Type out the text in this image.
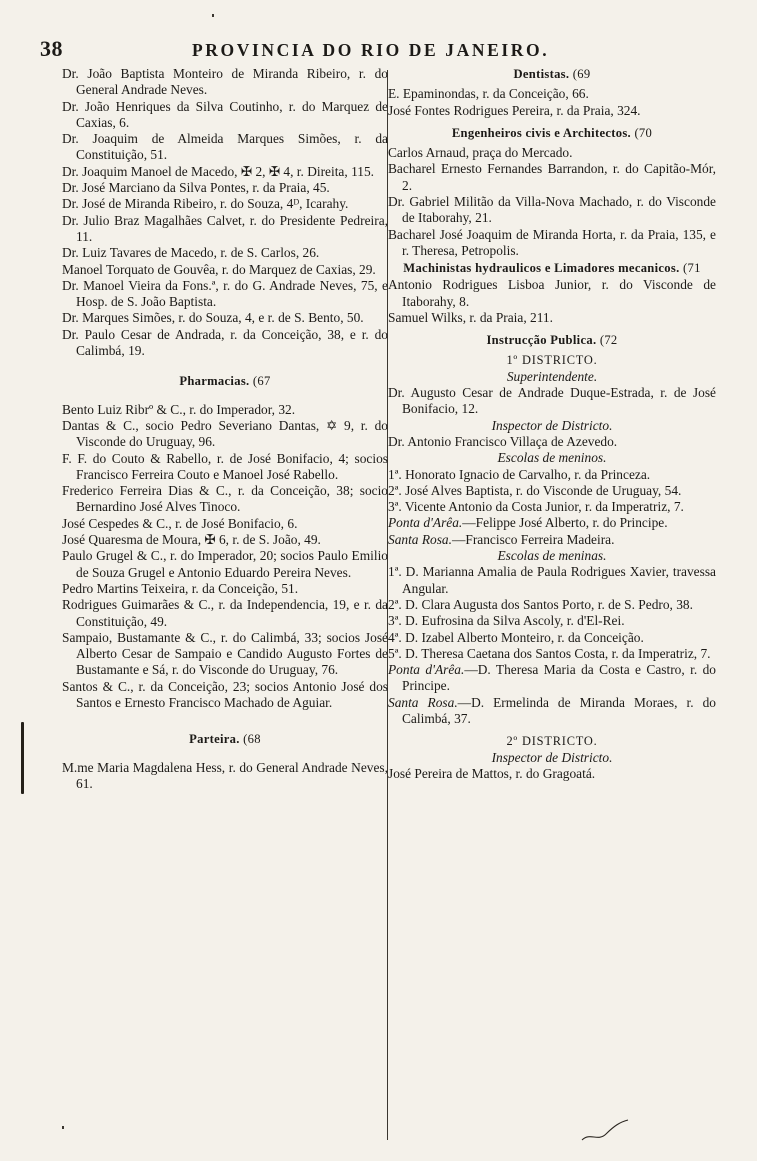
38	PROVINCIA DO RIO DE JANEIRO.

Dr. João Baptista Monteiro de Miranda Ribeiro, r. do General Andrade Neves.

Dr. João Henriques da Silva Coutinho, r. do Marquez de Caxias, 6.

Dr. Joaquim de Almeida Marques Simões, r. da Constituição, 51.

Dr. Joaquim Manoel de Macedo, ✠ 2, ✠ 4, r. Direita, 115.

Dr. José Marciano da Silva Pontes, r. da Praia, 45.

Dr. José de Miranda Ribeiro, r. do Souza, 4ᴰ, Icarahy.

Dr. Julio Braz Magalhães Calvet, r. do Presidente Pedreira, 11.

Dr. Luiz Tavares de Macedo, r. de S. Carlos, 26.

Manoel Torquato de Gouvêa, r. do Marquez de Caxias, 29.

Dr. Manoel Vieira da Fons.ª, r. do G. Andrade Neves, 75, e Hosp. de S. João Baptista.

Dr. Marques Simões, r. do Souza, 4, e r. de S. Bento, 50.

Dr. Paulo Cesar de Andrada, r. da Conceição, 38, e r. do Calimbá, 19.

Pharmacias. (67

Bento Luiz Ribrº & C., r. do Imperador, 32.

Dantas & C., socio Pedro Severiano Dantas, ✡ 9, r. do Visconde do Uruguay, 96.

F. F. do Couto & Rabello, r. de José Bonifacio, 4; socios Francisco Ferreira Couto e Manoel José Rabello.

Frederico Ferreira Dias & C., r. da Conceição, 38; socio Bernardino José Alves Tinoco.

José Cespedes & C., r. de José Bonifacio, 6.

José Quaresma de Moura, ✠ 6, r. de S. João, 49.

Paulo Grugel & C., r. do Imperador, 20; socios Paulo Emilio de Souza Grugel e Antonio Eduardo Pereira Neves.

Pedro Martins Teixeira, r. da Conceição, 51.

Rodrigues Guimarães & C., r. da Independencia, 19, e r. da Constituição, 49.

Sampaio, Bustamante & C., r. do Calimbá, 33; socios José Alberto Cesar de Sampaio e Candido Augusto Fortes de Bustamante e Sá, r. do Visconde do Uruguay, 76.

Santos & C., r. da Conceição, 23; socios Antonio José dos Santos e Ernesto Francisco Machado de Aguiar.

Parteira. (68

M.me Maria Magdalena Hess, r. do General Andrade Neves, 61.

Dentistas. (69

E. Epaminondas, r. da Conceição, 66.

José Fontes Rodrigues Pereira, r. da Praia, 324.

Engenheiros civis e Architectos. (70

Carlos Arnaud, praça do Mercado.

Bacharel Ernesto Fernandes Barrandon, r. do Capitão-Mór, 2.

Dr. Gabriel Militão da Villa-Nova Machado, r. do Visconde de Itaborahy, 21.

Bacharel José Joaquim de Miranda Horta, r. da Praia, 135, e r. Theresa, Petropolis.

Machinistas hydraulicos e Limadores mecanicos. (71

Antonio Rodrigues Lisboa Junior, r. do Visconde de Itaborahy, 8.

Samuel Wilks, r. da Praia, 211.

Instrucção Publica. (72
1º DISTRICTO.
Superintendente.

Dr. Augusto Cesar de Andrade Duque-Estrada, r. de José Bonifacio, 12.

Inspector de Districto.

Dr. Antonio Francisco Villaça de Azevedo.

Escolas de meninos.

1ª. Honorato Ignacio de Carvalho, r. da Princeza.

2ª. José Alves Baptista, r. do Visconde de Uruguay, 54.

3ª. Vicente Antonio da Costa Junior, r. da Imperatriz, 7.

Ponta d'Arêa.—Felippe José Alberto, r. do Principe.

Santa Rosa.—Francisco Ferreira Madeira.

Escolas de meninas.

1ª. D. Marianna Amalia de Paula Rodrigues Xavier, travessa Angular.

2ª. D. Clara Augusta dos Santos Porto, r. de S. Pedro, 38.

3ª. D. Eufrosina da Silva Ascoly, r. d'El-Rei.

4ª. D. Izabel Alberto Monteiro, r. da Conceição.

5ª. D. Theresa Caetana dos Santos Costa, r. da Imperatriz, 7.

Ponta d'Arêa.—D. Theresa Maria da Costa e Castro, r. do Principe.

Santa Rosa.—D. Ermelinda de Miranda Moraes, r. do Calimbá, 37.

2º DISTRICTO.
Inspector de Districto.

José Pereira de Mattos, r. do Gragoatá.
